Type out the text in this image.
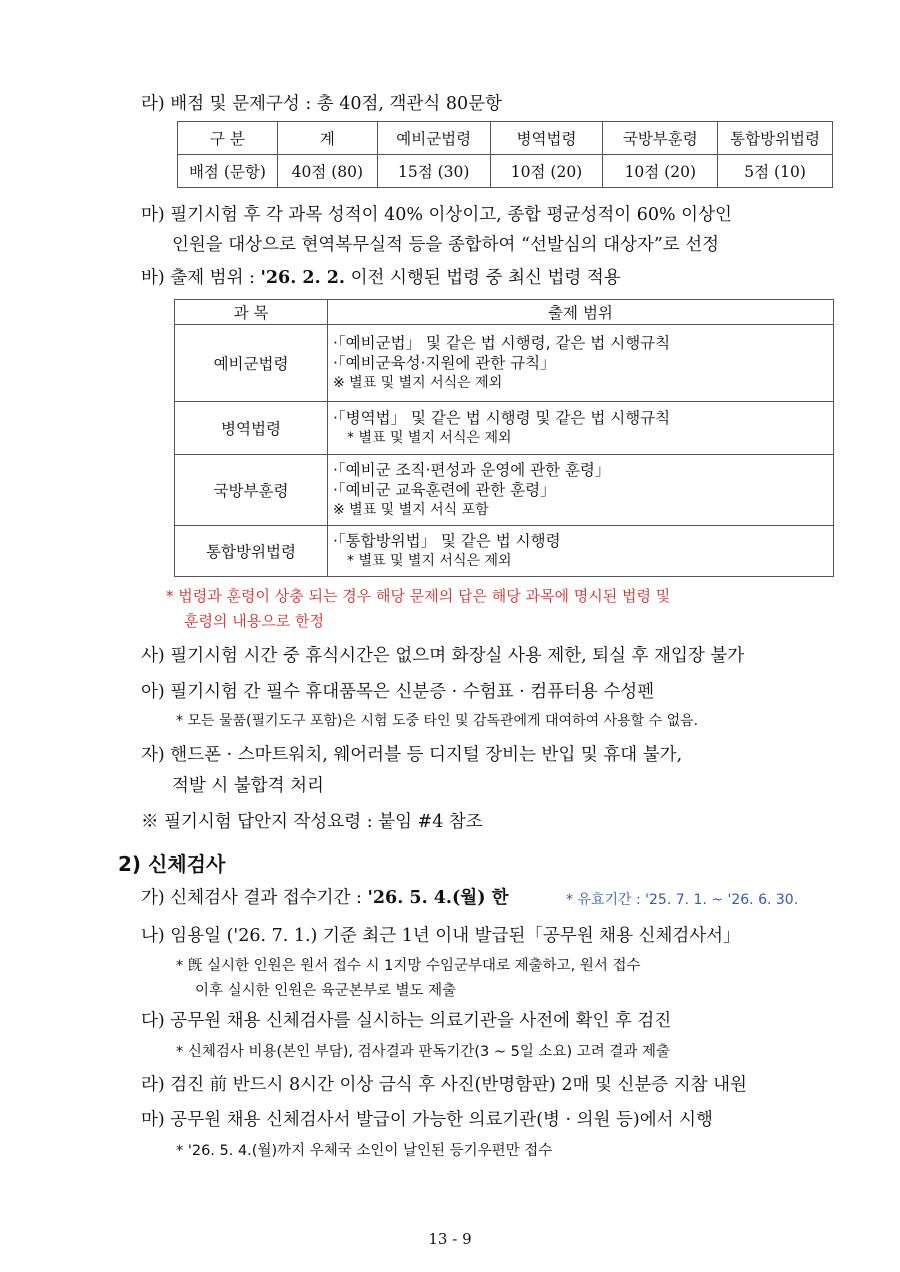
라) 배점 및 문제구성 : 총 40점, 객관식 80문항
구 분	계	예비군법령	병역법령	국방부훈령	통합방위법령
배점 (문항)	40점 (80)	15점 (30)	10점 (20)	10점 (20)	5점 (10)
마) 필기시험 후 각 과목 성적이 40% 이상이고, 종합 평균성적이 60% 이상인
인원을 대상으로 현역복무실적 등을 종합하여 “선발심의 대상자”로 선정
바) 출제 범위 : '26. 2. 2. 이전 시행된 법령 중 최신 법령 적용
과 목	출제 범위
예비군법령	·「예비군법」 및 같은 법 시행령, 같은 법 시행규칙
·「예비군육성·지원에 관한 규칙」
※ 별표 및 별지 서식은 제외

병역법령	·「병역법」 및 같은 법 시행령 및 같은 법 시행규칙
* 별표 및 별지 서식은 제외

국방부훈령	·「예비군 조직·편성과 운영에 관한 훈령」
·「예비군 교육훈련에 관한 훈령」
※ 별표 및 별지 서식 포함

통합방위법령	·「통합방위법」 및 같은 법 시행령
* 별표 및 별지 서식은 제외
* 법령과 훈령이 상충 되는 경우 해당 문제의 답은 해당 과목에 명시된 법령 및
훈령의 내용으로 한정
사) 필기시험 시간 중 휴식시간은 없으며 화장실 사용 제한, 퇴실 후 재입장 불가
아) 필기시험 간 필수 휴대품목은 신분증 · 수험표 · 컴퓨터용 수성펜
* 모든 물품(필기도구 포함)은 시험 도중 타인 및 감독관에게 대여하여 사용할 수 없음.
자) 핸드폰 · 스마트워치, 웨어러블 등 디지털 장비는 반입 및 휴대 불가,
적발 시 불합격 처리
※ 필기시험 답안지 작성요령 : 붙임 #4 참조
2) 신체검사
가) 신체검사 결과 접수기간 : '26. 5. 4.(월) 한	* 유효기간 : '25. 7. 1. ~ '26. 6. 30.
나) 임용일 ('26. 7. 1.) 기준 최근 1년 이내 발급된「공무원 채용 신체검사서」
* 旣 실시한 인원은 원서 접수 시 1지망 수임군부대로 제출하고, 원서 접수
이후 실시한 인원은 육군본부로 별도 제출
다) 공무원 채용 신체검사를 실시하는 의료기관을 사전에 확인 후 검진
* 신체검사 비용(본인 부담), 검사결과 판독기간(3 ~ 5일 소요) 고려 결과 제출
라) 검진 前 반드시 8시간 이상 금식 후 사진(반명함판) 2매 및 신분증 지참 내원
마) 공무원 채용 신체검사서 발급이 가능한 의료기관(병 · 의원 등)에서 시행
* '26. 5. 4.(월)까지 우체국 소인이 날인된 등기우편만 접수
13 - 9
